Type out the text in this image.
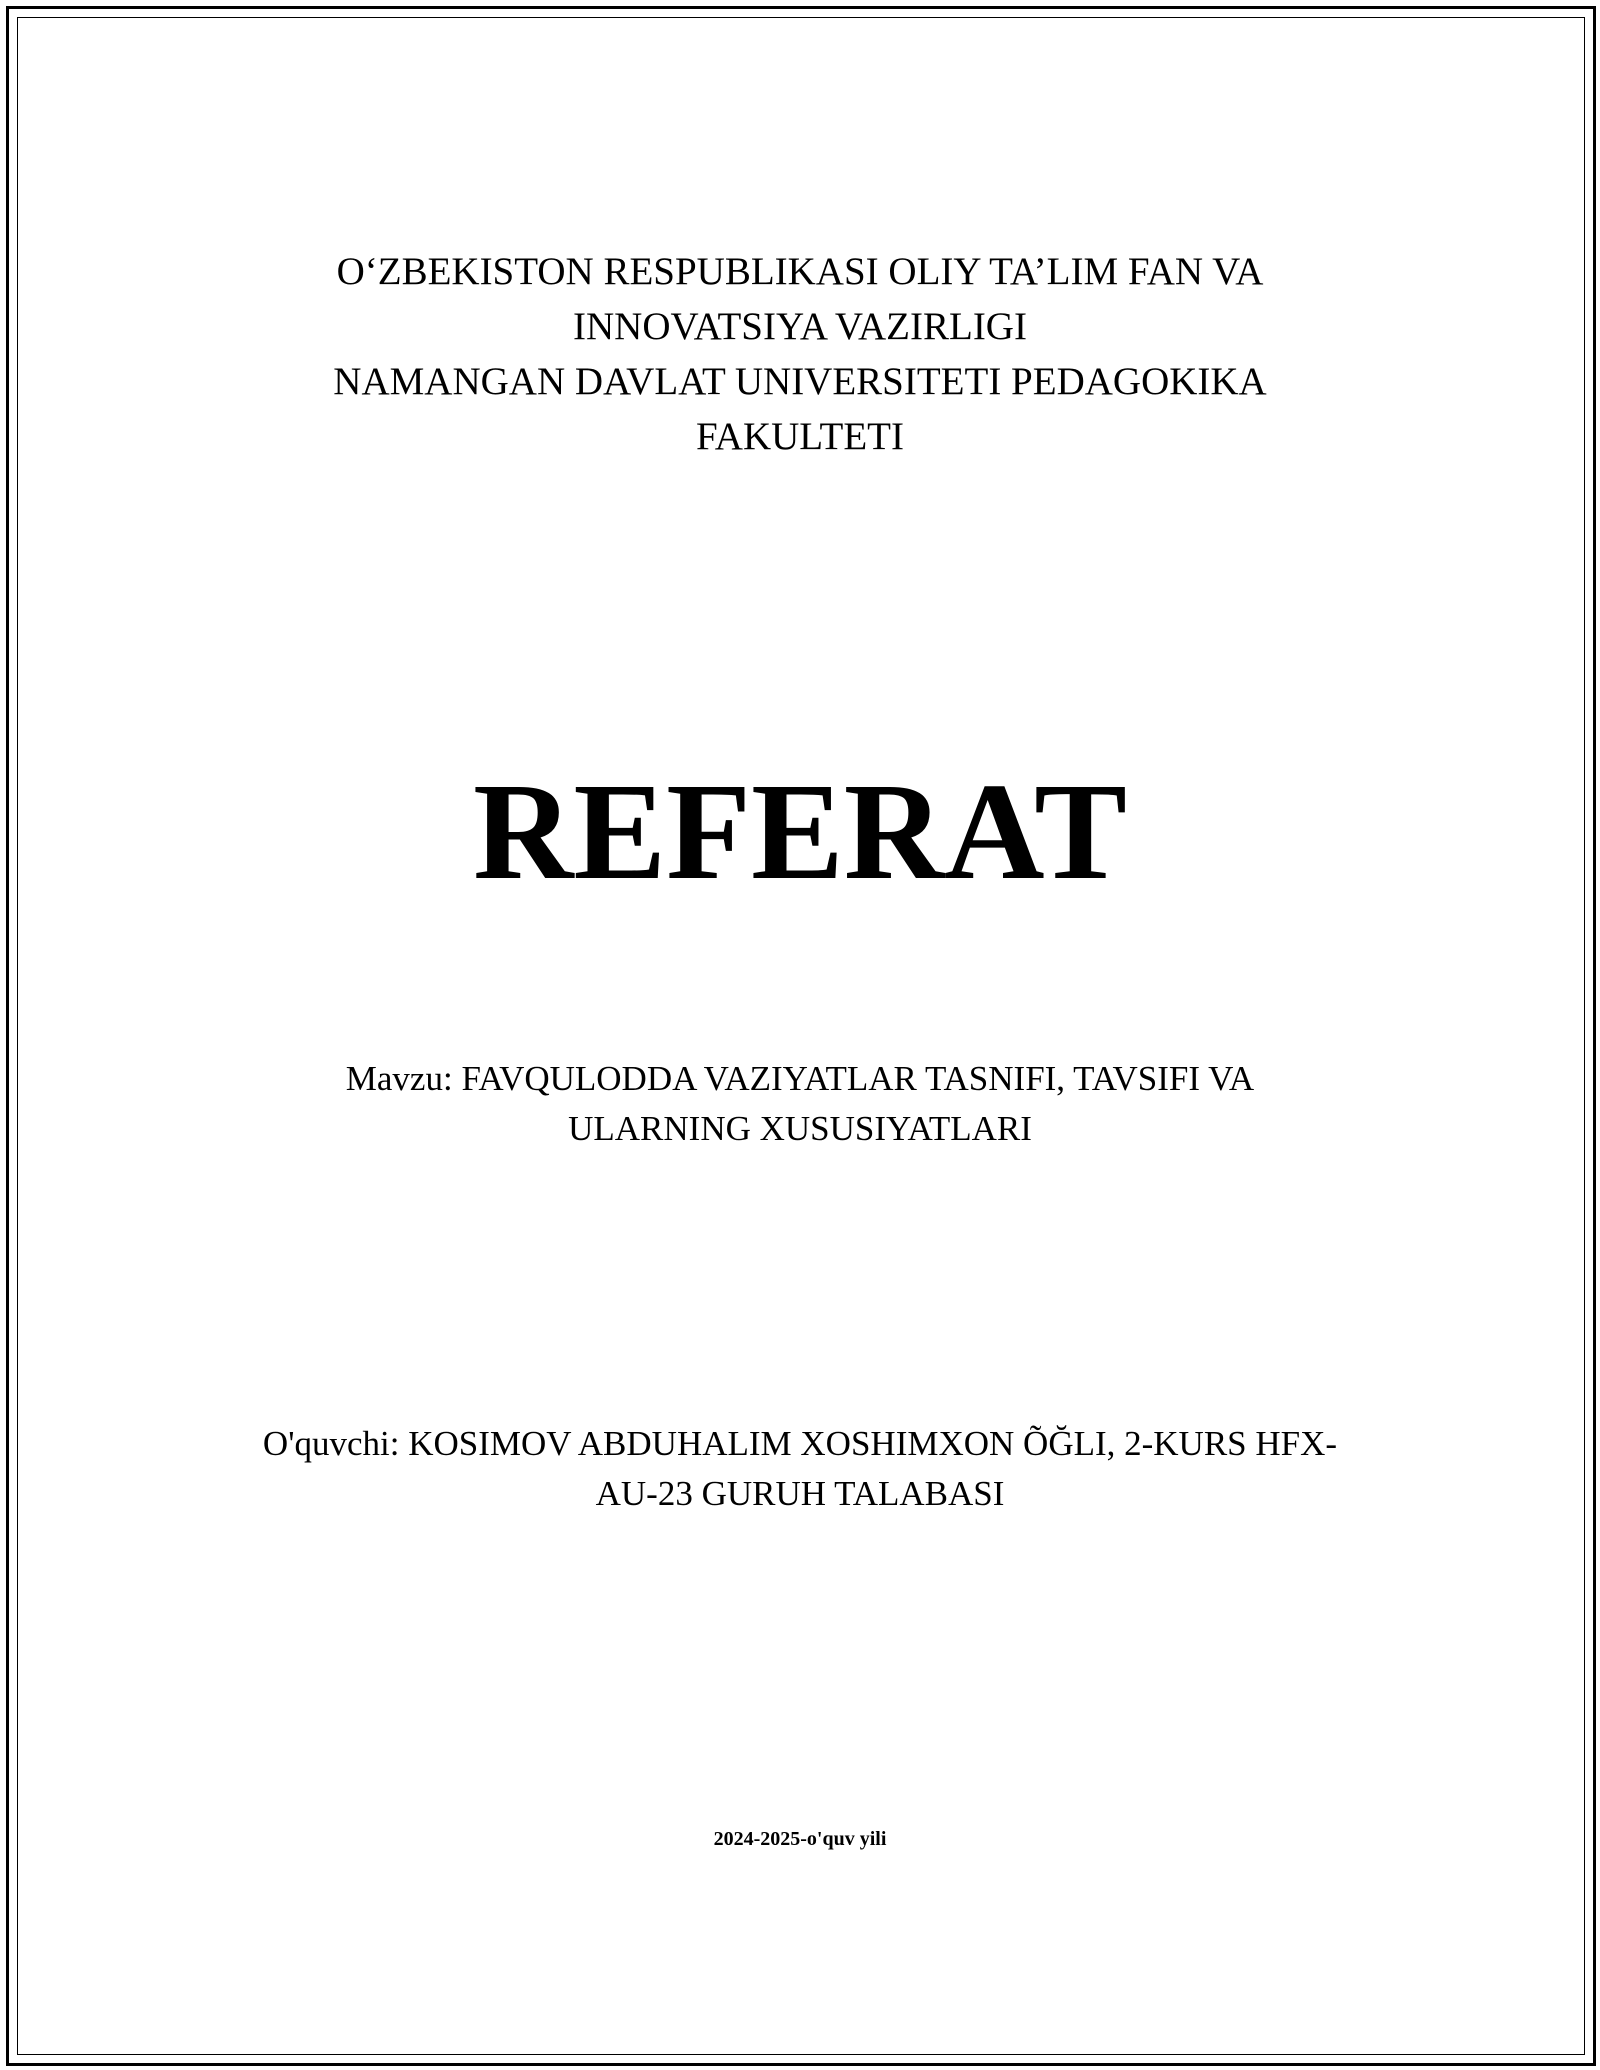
O‘ZBEKISTON RESPUBLIKASI OLIY TA’LIM FAN VA
INNOVATSIYA VAZIRLIGI
NAMANGAN DAVLAT UNIVERSITETI PEDAGOKIKA
FAKULTETI
REFERAT
Mavzu: FAVQULODDA VAZIYATLAR TASNIFI, TAVSIFI VA
ULARNING XUSUSIYATLARI
O'quvchi: KOSIMOV ABDUHALIM XOSHIMXON ÕĞLI, 2-KURS HFX-
AU-23 GURUH TALABASI
2024-2025-o'quv yili
